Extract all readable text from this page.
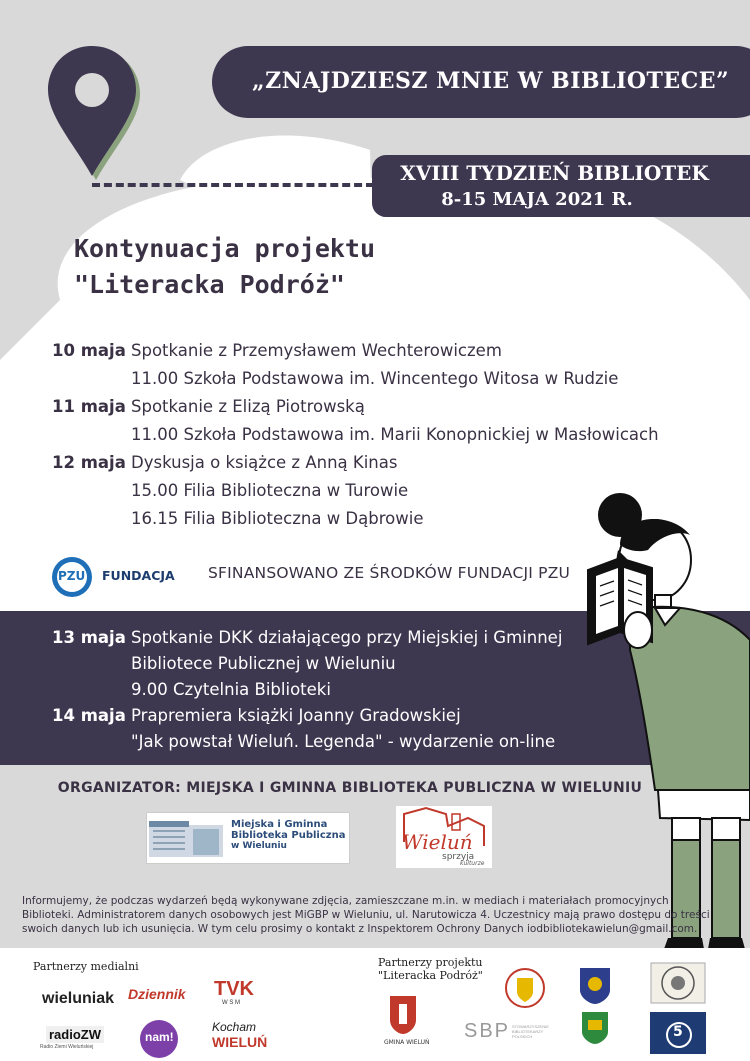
„ZNAJDZIESZ MNIE W BIBLIOTECE”
XVIII TYDZIEŃ BIBLIOTEK
8-15 MAJA 2021 R.
Kontynuacja projektu
"Literacka Podróż"
10 maja Spotkanie z Przemysławem Wechterowiczem
11.00 Szkoła Podstawowa im. Wincentego Witosa w Rudzie
11 maja Spotkanie z Elizą Piotrowską
11.00 Szkoła Podstawowa im. Marii Konopnickiej w Masłowicach
12 maja Dyskusja o książce z Anną Kinas
15.00 Filia Biblioteczna w Turowie
16.15 Filia Biblioteczna w Dąbrowie
PZU FUNDACJA SFINANSOWANO ZE ŚRODKÓW FUNDACJI PZU
13 maja Spotkanie DKK działającego przy Miejskiej i Gminnej
Bibliotece Publicznej w Wieluniu
9.00 Czytelnia Biblioteki
14 maja Prapremiera książki Joanny Gradowskiej
"Jak powstał Wieluń. Legenda" - wydarzenie on-line
ORGANIZATOR: MIEJSKA I GMINNA BIBLIOTEKA PUBLICZNA W WIELUNIU
Miejska i Gminna
Biblioteka Publiczna
w Wieluniu	Wieluń
sprzyja
kulturze
Informujemy, że podczas wydarzeń będą wykonywane zdjęcia, zamieszczane m.in. w mediach i materiałach promocyjnych Biblioteki. Administratorem danych osobowych jest MiGBP w Wieluniu, ul. Narutowicza 4. Uczestnicy mają prawo dostępu do treści swoich danych lub ich usunięcia. W tym celu prosimy o kontakt z Inspektorem Ochrony Danych iodbibliotekawielun@gmail.com.
Partnerzy medialni	Partnerzy projektu
"Literacka Podróż"
wieluniak Dziennik TVK
W S M
radioZW
Radio Ziemi Wieluńskiej
nam!
Kocham
WIELUŃ	GMINA WIELUŃ
SBP STOWARZYSZENIE BIBLIOTEKARZY POLSKICH	5
